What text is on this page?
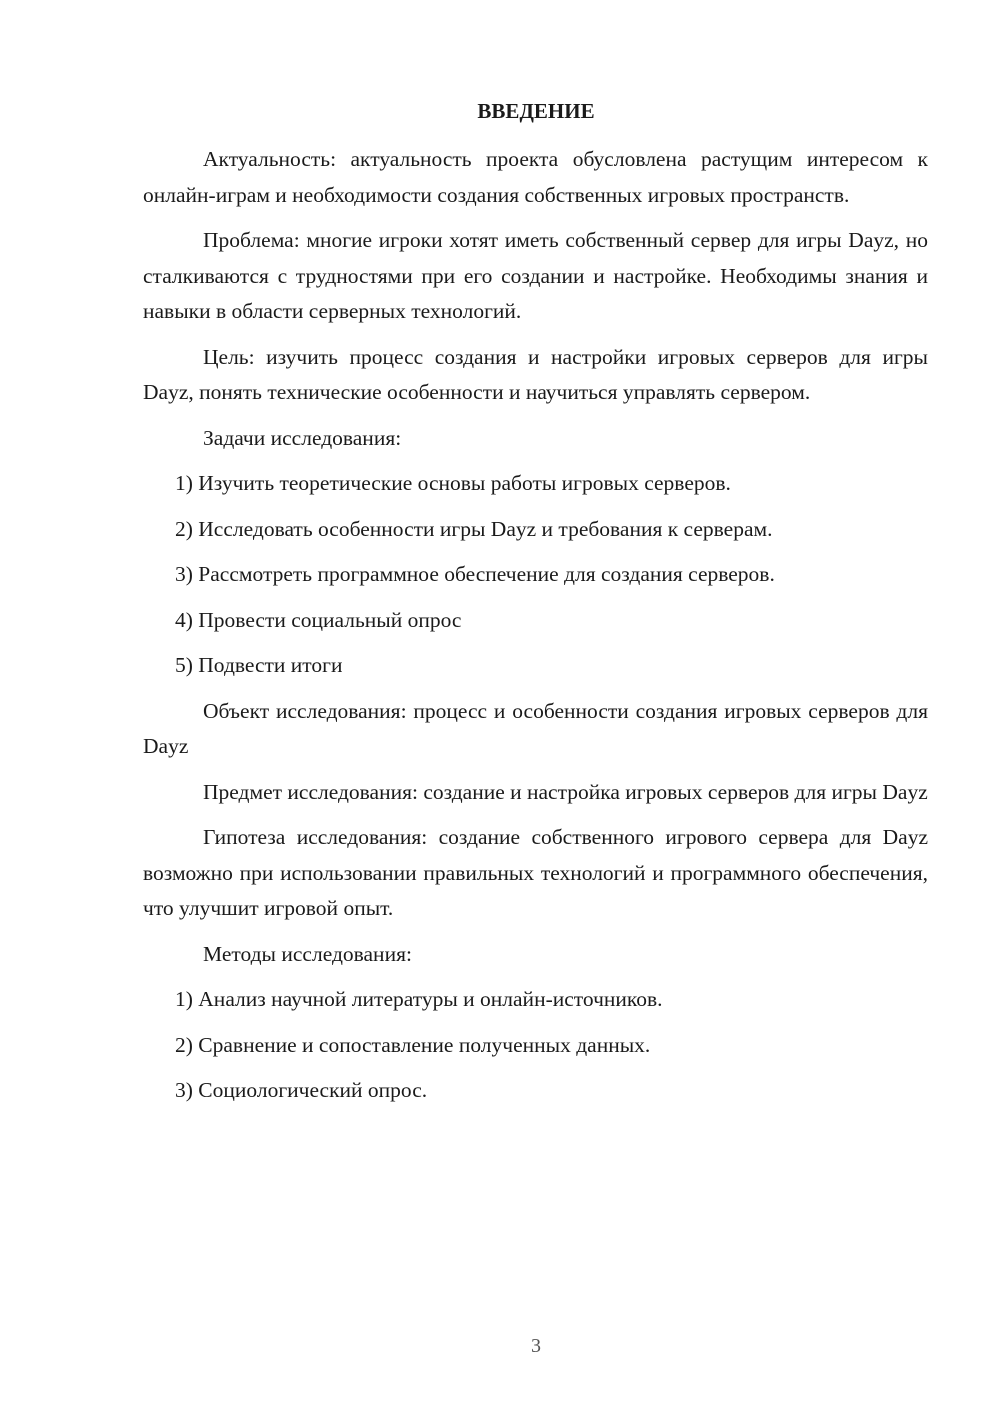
ВВЕДЕНИЕ

Актуальность: актуальность проекта обусловлена растущим интересом к онлайн-играм и необходимости создания собственных игровых пространств.

Проблема: многие игроки хотят иметь собственный сервер для игры Dayz, но сталкиваются с трудностями при его создании и настройке. Необходимы знания и навыки в области серверных технологий.

Цель: изучить процесс создания и настройки игровых серверов для игры Dayz, понять технические особенности и научиться управлять сервером.

Задачи исследования:

1) Изучить теоретические основы работы игровых серверов.
2) Исследовать особенности игры Dayz и требования к серверам.
3) Рассмотреть программное обеспечение для создания серверов.
4) Провести социальный опрос
5) Подвести итоги

Объект исследования: процесс и особенности создания игровых серверов для Dayz

Предмет исследования: создание и настройка игровых серверов для игры Dayz

Гипотеза исследования: создание собственного игрового сервера для Dayz возможно при использовании правильных технологий и программного обеспечения, что улучшит игровой опыт.

Методы исследования:

1) Анализ научной литературы и онлайн-источников.
2) Сравнение и сопоставление полученных данных.
3) Социологический опрос.
3
